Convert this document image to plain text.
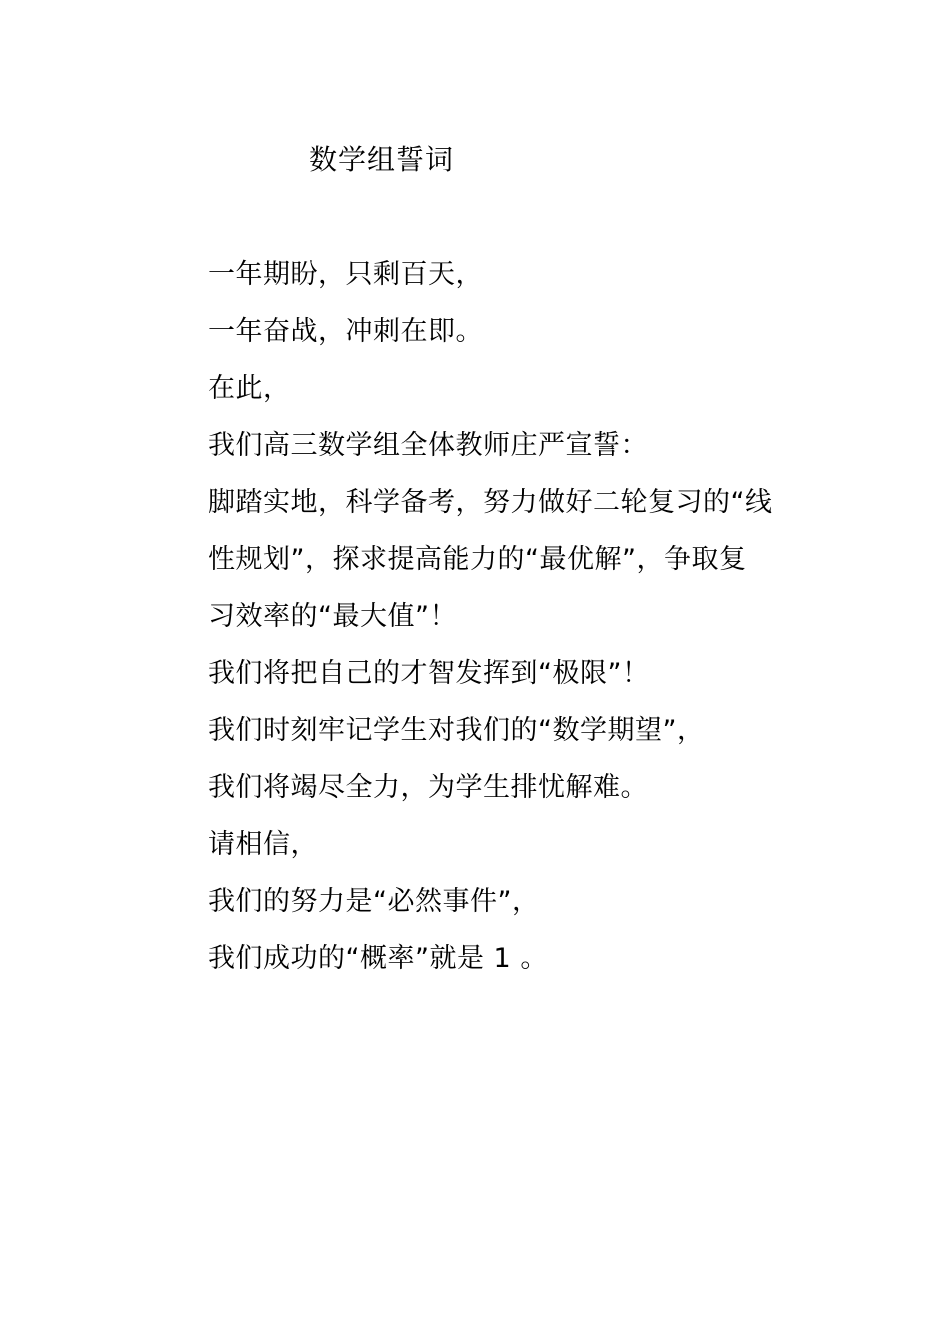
数学组誓词
一年期盼，只剩百天，
一年奋战，冲刺在即。
在此，
我们高三数学组全体教师庄严宣誓：
脚踏实地，科学备考，努力做好二轮复习的“线
性规划”，探求提高能力的“最优解”，争取复
习效率的“最大值”！
我们将把自己的才智发挥到“极限”！
我们时刻牢记学生对我们的“数学期望”，
我们将竭尽全力，为学生排忧解难。
请相信，
我们的努力是“必然事件”，
我们成功的“概率”就是 1 。
